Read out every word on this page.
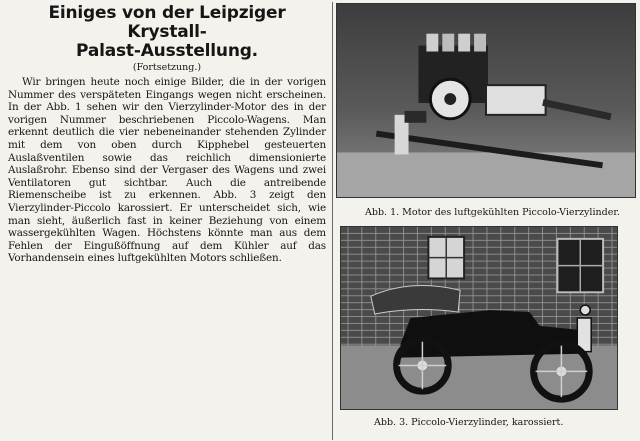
Einiges von der Leipziger Krystall-
Palast-Ausstellung.
(Fortsetzung.)

Wir bringen heute noch einige Bilder, die in der vorigen Nummer des verspäteten Eingangs wegen nicht erscheinen. In der Abb. 1 sehen wir den Vierzylinder-Motor des in der vorigen Nummer beschriebenen Piccolo-Wagens. Man erkennt deutlich die vier nebeneinander stehenden Zylinder mit dem von oben durch Kipphebel gesteuerten Auslaßventilen sowie das reichlich dimensionierte Auslaßrohr. Ebenso sind der Vergaser des Wagens und zwei Ventilatoren gut sichtbar. Auch die antreibende Riemenscheibe ist zu erkennen. Abb. 3 zeigt den Vierzylinder-Piccolo karossiert. Er unterscheidet sich, wie man sieht, äußerlich fast in keiner Beziehung von einem wassergekühlten Wagen. Höchstens könnte man aus dem Fehlen der Eingußöffnung auf dem Kühler auf das Vorhandensein eines luftgekühlten Motors schließen.

Abb. 1. Motor des luftgekühlten Piccolo-Vierzylinder.
Abb. 3. Piccolo-Vierzylinder, karossiert.
